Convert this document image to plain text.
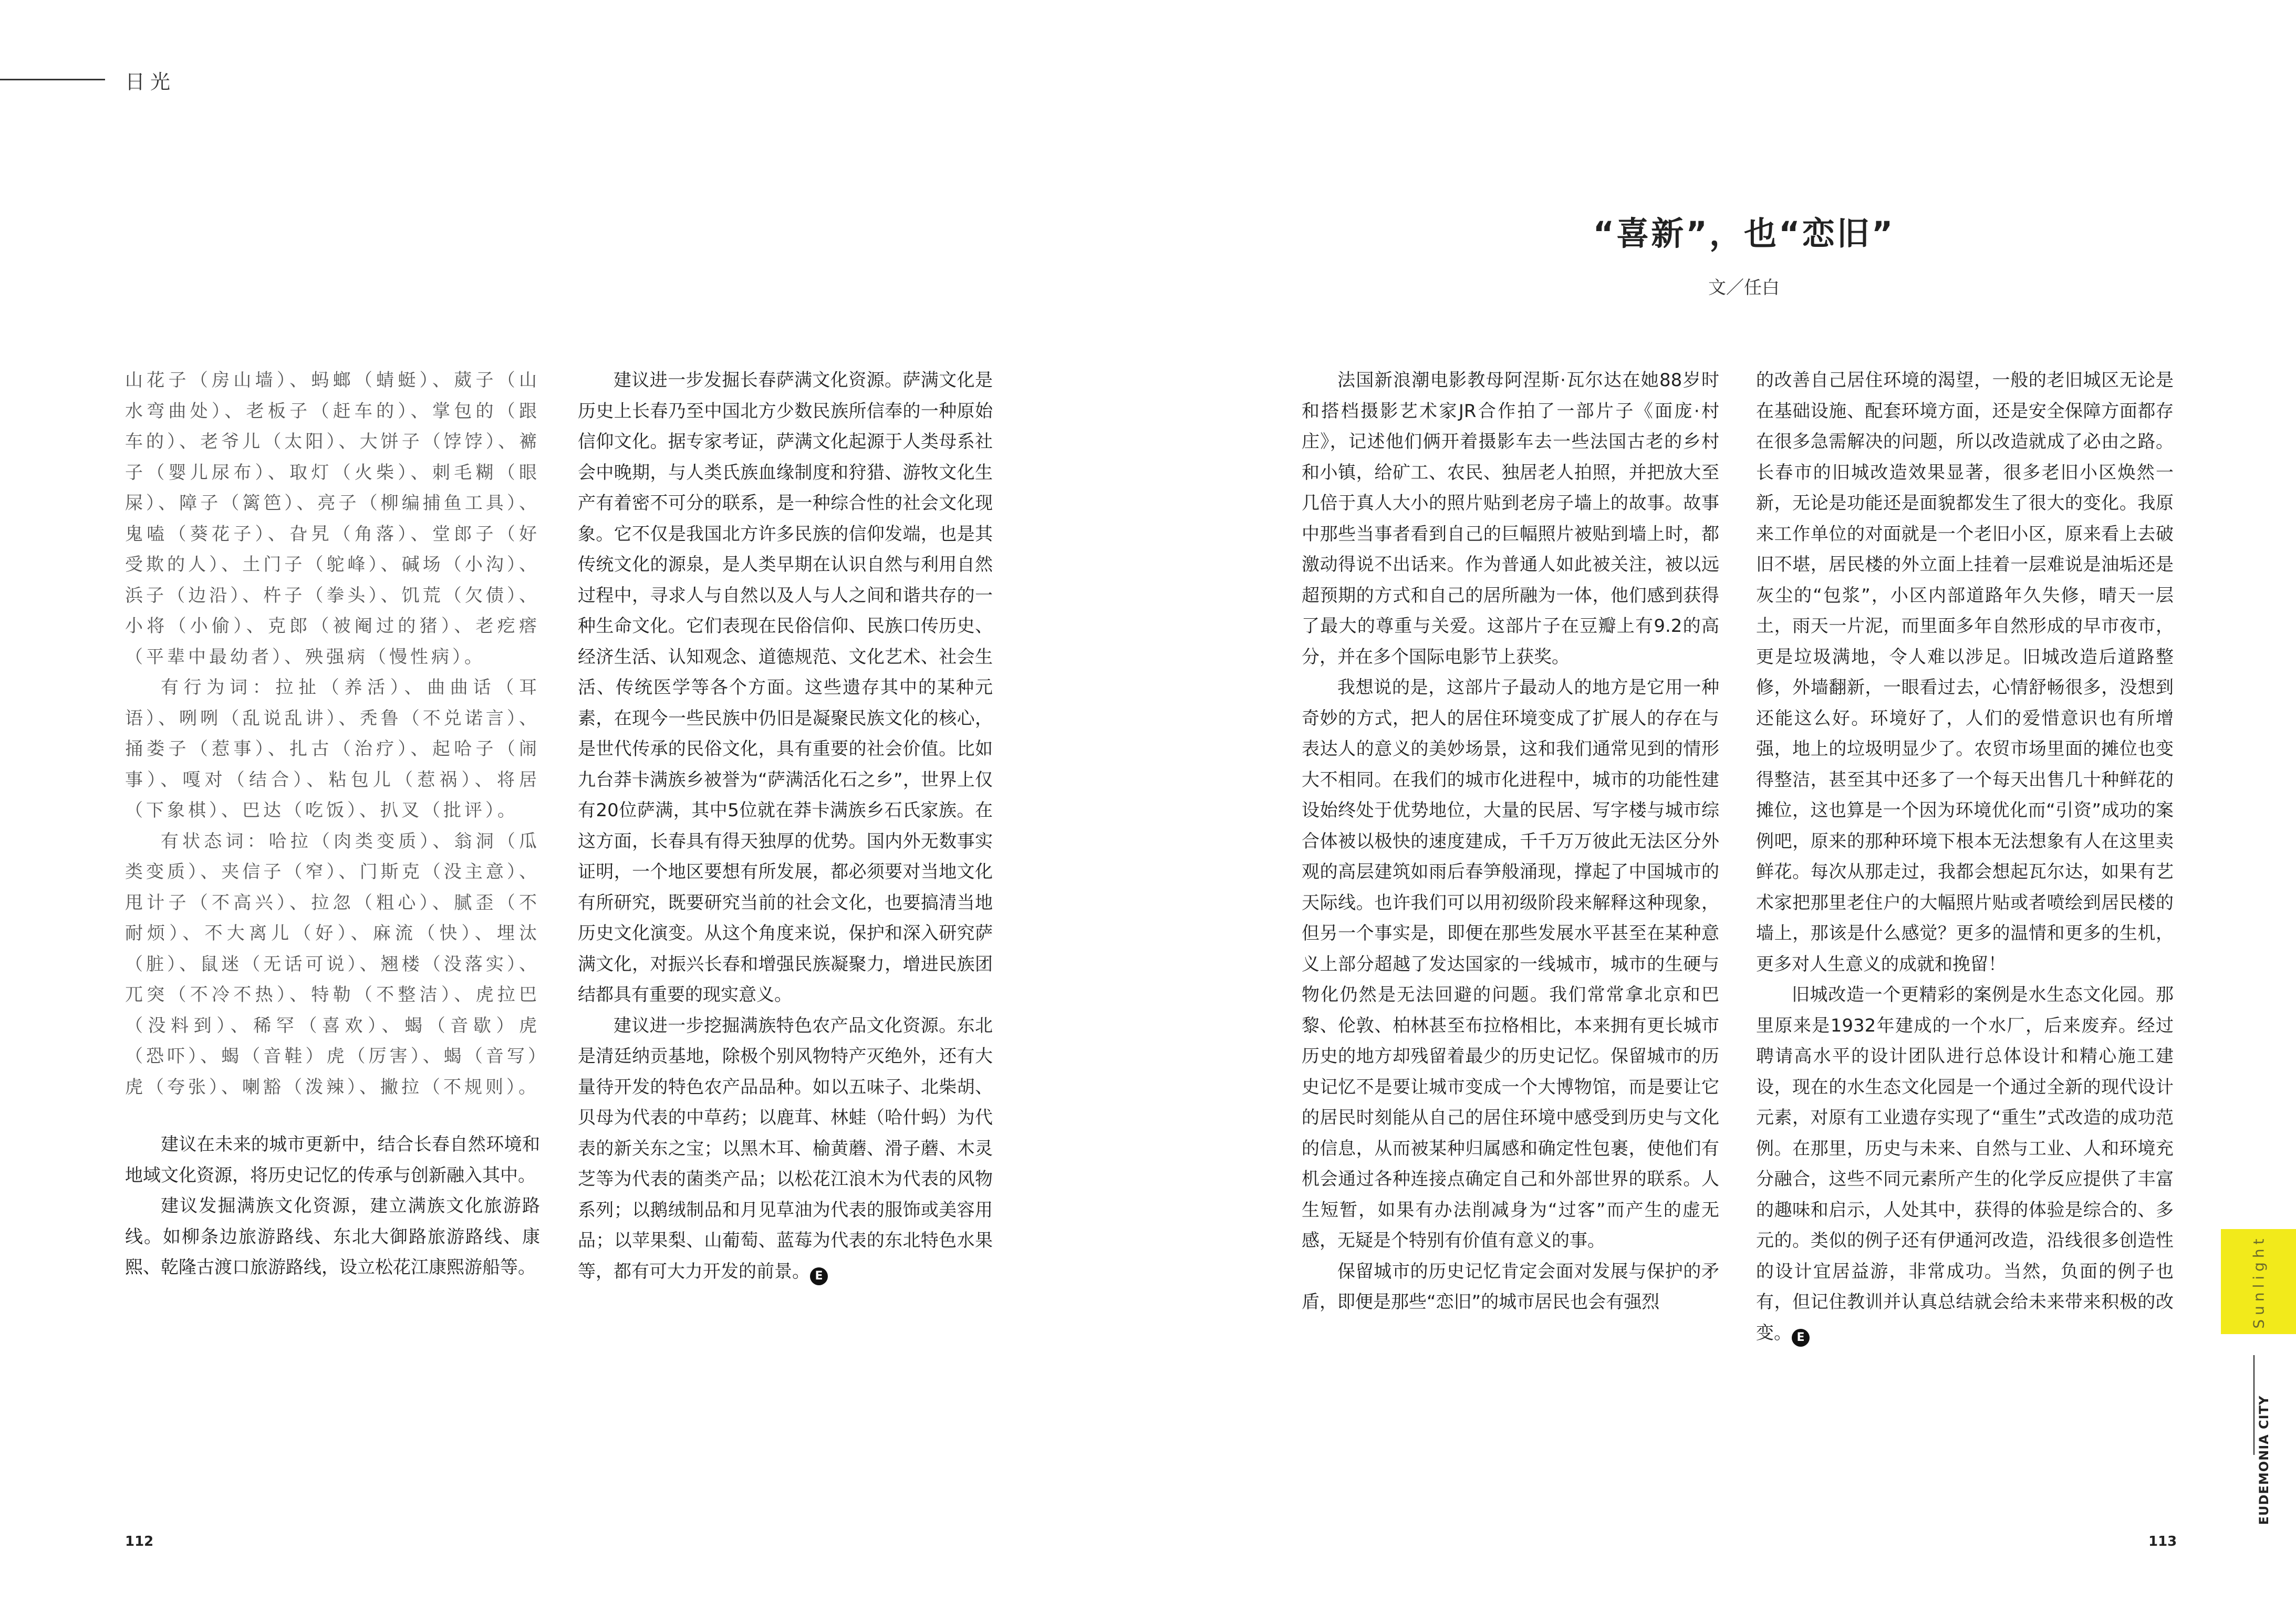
日光
“喜新”，也“恋旧”
文／任白

山花子（房山墙）、蚂螂（蜻蜓）、葳子（山水弯曲处）、老板子（赶车的）、掌包的（跟车的）、老爷儿（太阳）、大饼子（饽饽）、褯子（婴儿尿布）、取灯（火柴）、刺毛糊（眼屎）、障子（篱笆）、亮子（柳编捕鱼工具）、鬼嗑（葵花子）、旮旯（角落）、堂郎子（好受欺的人）、土门子（鸵峰）、碱场（小沟）、浜子（边沿）、杵子（拳头）、饥荒（欠债）、小将（小偷）、克郎（被阉过的猪）、老疙瘩（平辈中最幼者）、殃强病（慢性病）。

有行为词：拉扯（养活）、曲曲话（耳语）、咧咧（乱说乱讲）、秃鲁（不兑诺言）、捅娄子（惹事）、扎古（治疗）、起哈子（闹事）、嘎对（结合）、粘包儿（惹祸）、将居（下象棋）、巴达（吃饭）、扒叉（批评）。

有状态词：哈拉（肉类变质）、翁洞（瓜类变质）、夹信子（窄）、门斯克（没主意）、甩计子（不高兴）、拉忽（粗心）、腻歪（不耐烦）、不大离儿（好）、麻流（快）、埋汰（脏）、鼠迷（无话可说）、翘楼（没落实）、兀突（不冷不热）、特勒（不整洁）、虎拉巴（没料到）、稀罕（喜欢）、蝎（音歇）虎（恐吓）、蝎（音鞋）虎（厉害）、蝎（音写）虎（夸张）、喇豁（泼辣）、撇拉（不规则）。

建议在未来的城市更新中，结合长春自然环境和地域文化资源，将历史记忆的传承与创新融入其中。

建议发掘满族文化资源，建立满族文化旅游路线。如柳条边旅游路线、东北大御路旅游路线、康熙、乾隆古渡口旅游路线，设立松花江康熙游船等。

建议进一步发掘长春萨满文化资源。萨满文化是历史上长春乃至中国北方少数民族所信奉的一种原始信仰文化。据专家考证，萨满文化起源于人类母系社会中晚期，与人类氏族血缘制度和狩猎、游牧文化生产有着密不可分的联系，是一种综合性的社会文化现象。它不仅是我国北方许多民族的信仰发端，也是其传统文化的源泉，是人类早期在认识自然与利用自然过程中，寻求人与自然以及人与人之间和谐共存的一种生命文化。它们表现在民俗信仰、民族口传历史、经济生活、认知观念、道德规范、文化艺术、社会生活、传统医学等各个方面。这些遗存其中的某种元素，在现今一些民族中仍旧是凝聚民族文化的核心，是世代传承的民俗文化，具有重要的社会价值。比如九台莽卡满族乡被誉为“萨满活化石之乡”，世界上仅有20位萨满，其中5位就在莽卡满族乡石氏家族。在这方面，长春具有得天独厚的优势。国内外无数事实证明，一个地区要想有所发展，都必须要对当地文化有所研究，既要研究当前的社会文化，也要搞清当地历史文化演变。从这个角度来说，保护和深入研究萨满文化，对振兴长春和增强民族凝聚力，增进民族团结都具有重要的现实意义。

建议进一步挖掘满族特色农产品文化资源。东北是清廷纳贡基地，除极个别风物特产灭绝外，还有大量待开发的特色农产品品种。如以五味子、北柴胡、贝母为代表的中草药；以鹿茸、林蛙（哈什蚂）为代表的新关东之宝；以黑木耳、榆黄蘑、滑子蘑、木灵芝等为代表的菌类产品；以松花江浪木为代表的风物系列；以鹅绒制品和月见草油为代表的服饰或美容用品；以苹果梨、山葡萄、蓝莓为代表的东北特色水果等，都有可大力开发的前景。 E

法国新浪潮电影教母阿涅斯·瓦尔达在她88岁时和搭档摄影艺术家JR合作拍了一部片子《面庞·村庄》，记述他们俩开着摄影车去一些法国古老的乡村和小镇，给矿工、农民、独居老人拍照，并把放大至几倍于真人大小的照片贴到老房子墙上的故事。故事中那些当事者看到自己的巨幅照片被贴到墙上时，都激动得说不出话来。作为普通人如此被关注，被以远超预期的方式和自己的居所融为一体，他们感到获得了最大的尊重与关爱。这部片子在豆瓣上有9.2的高分，并在多个国际电影节上获奖。

我想说的是，这部片子最动人的地方是它用一种奇妙的方式，把人的居住环境变成了扩展人的存在与表达人的意义的美妙场景，这和我们通常见到的情形大不相同。在我们的城市化进程中，城市的功能性建设始终处于优势地位，大量的民居、写字楼与城市综合体被以极快的速度建成，千千万万彼此无法区分外观的高层建筑如雨后春笋般涌现，撑起了中国城市的天际线。也许我们可以用初级阶段来解释这种现象，但另一个事实是，即便在那些发展水平甚至在某种意义上部分超越了发达国家的一线城市，城市的生硬与物化仍然是无法回避的问题。我们常常拿北京和巴黎、伦敦、柏林甚至布拉格相比，本来拥有更长城市历史的地方却残留着最少的历史记忆。保留城市的历史记忆不是要让城市变成一个大博物馆，而是要让它的居民时刻能从自己的居住环境中感受到历史与文化的信息，从而被某种归属感和确定性包裹，使他们有机会通过各种连接点确定自己和外部世界的联系。人生短暂，如果有办法削减身为“过客”而产生的虚无感，无疑是个特别有价值有意义的事。

保留城市的历史记忆肯定会面对发展与保护的矛盾，即便是那些“恋旧”的城市居民也会有强烈

的改善自己居住环境的渴望，一般的老旧城区无论是在基础设施、配套环境方面，还是安全保障方面都存在很多急需解决的问题，所以改造就成了必由之路。长春市的旧城改造效果显著，很多老旧小区焕然一新，无论是功能还是面貌都发生了很大的变化。我原来工作单位的对面就是一个老旧小区，原来看上去破旧不堪，居民楼的外立面上挂着一层难说是油垢还是灰尘的“包浆”，小区内部道路年久失修，晴天一层土，雨天一片泥，而里面多年自然形成的早市夜市，更是垃圾满地，令人难以涉足。旧城改造后道路整修，外墙翻新，一眼看过去，心情舒畅很多，没想到还能这么好。环境好了，人们的爱惜意识也有所增强，地上的垃圾明显少了。农贸市场里面的摊位也变得整洁，甚至其中还多了一个每天出售几十种鲜花的摊位，这也算是一个因为环境优化而“引资”成功的案例吧，原来的那种环境下根本无法想象有人在这里卖鲜花。每次从那走过，我都会想起瓦尔达，如果有艺术家把那里老住户的大幅照片贴或者喷绘到居民楼的墙上，那该是什么感觉？更多的温情和更多的生机，更多对人生意义的成就和挽留！

旧城改造一个更精彩的案例是水生态文化园。那里原来是1932年建成的一个水厂，后来废弃。经过聘请高水平的设计团队进行总体设计和精心施工建设，现在的水生态文化园是一个通过全新的现代设计元素，对原有工业遗存实现了“重生”式改造的成功范例。在那里，历史与未来、自然与工业、人和环境充分融合，这些不同元素所产生的化学反应提供了丰富的趣味和启示，人处其中，获得的体验是综合的、多元的。类似的例子还有伊通河改造，沿线很多创造性的设计宜居益游，非常成功。当然，负面的例子也有，但记住教训并认真总结就会给未来带来积极的改变。 E

Sunlight
EUDEMONIA CITY
112	113
